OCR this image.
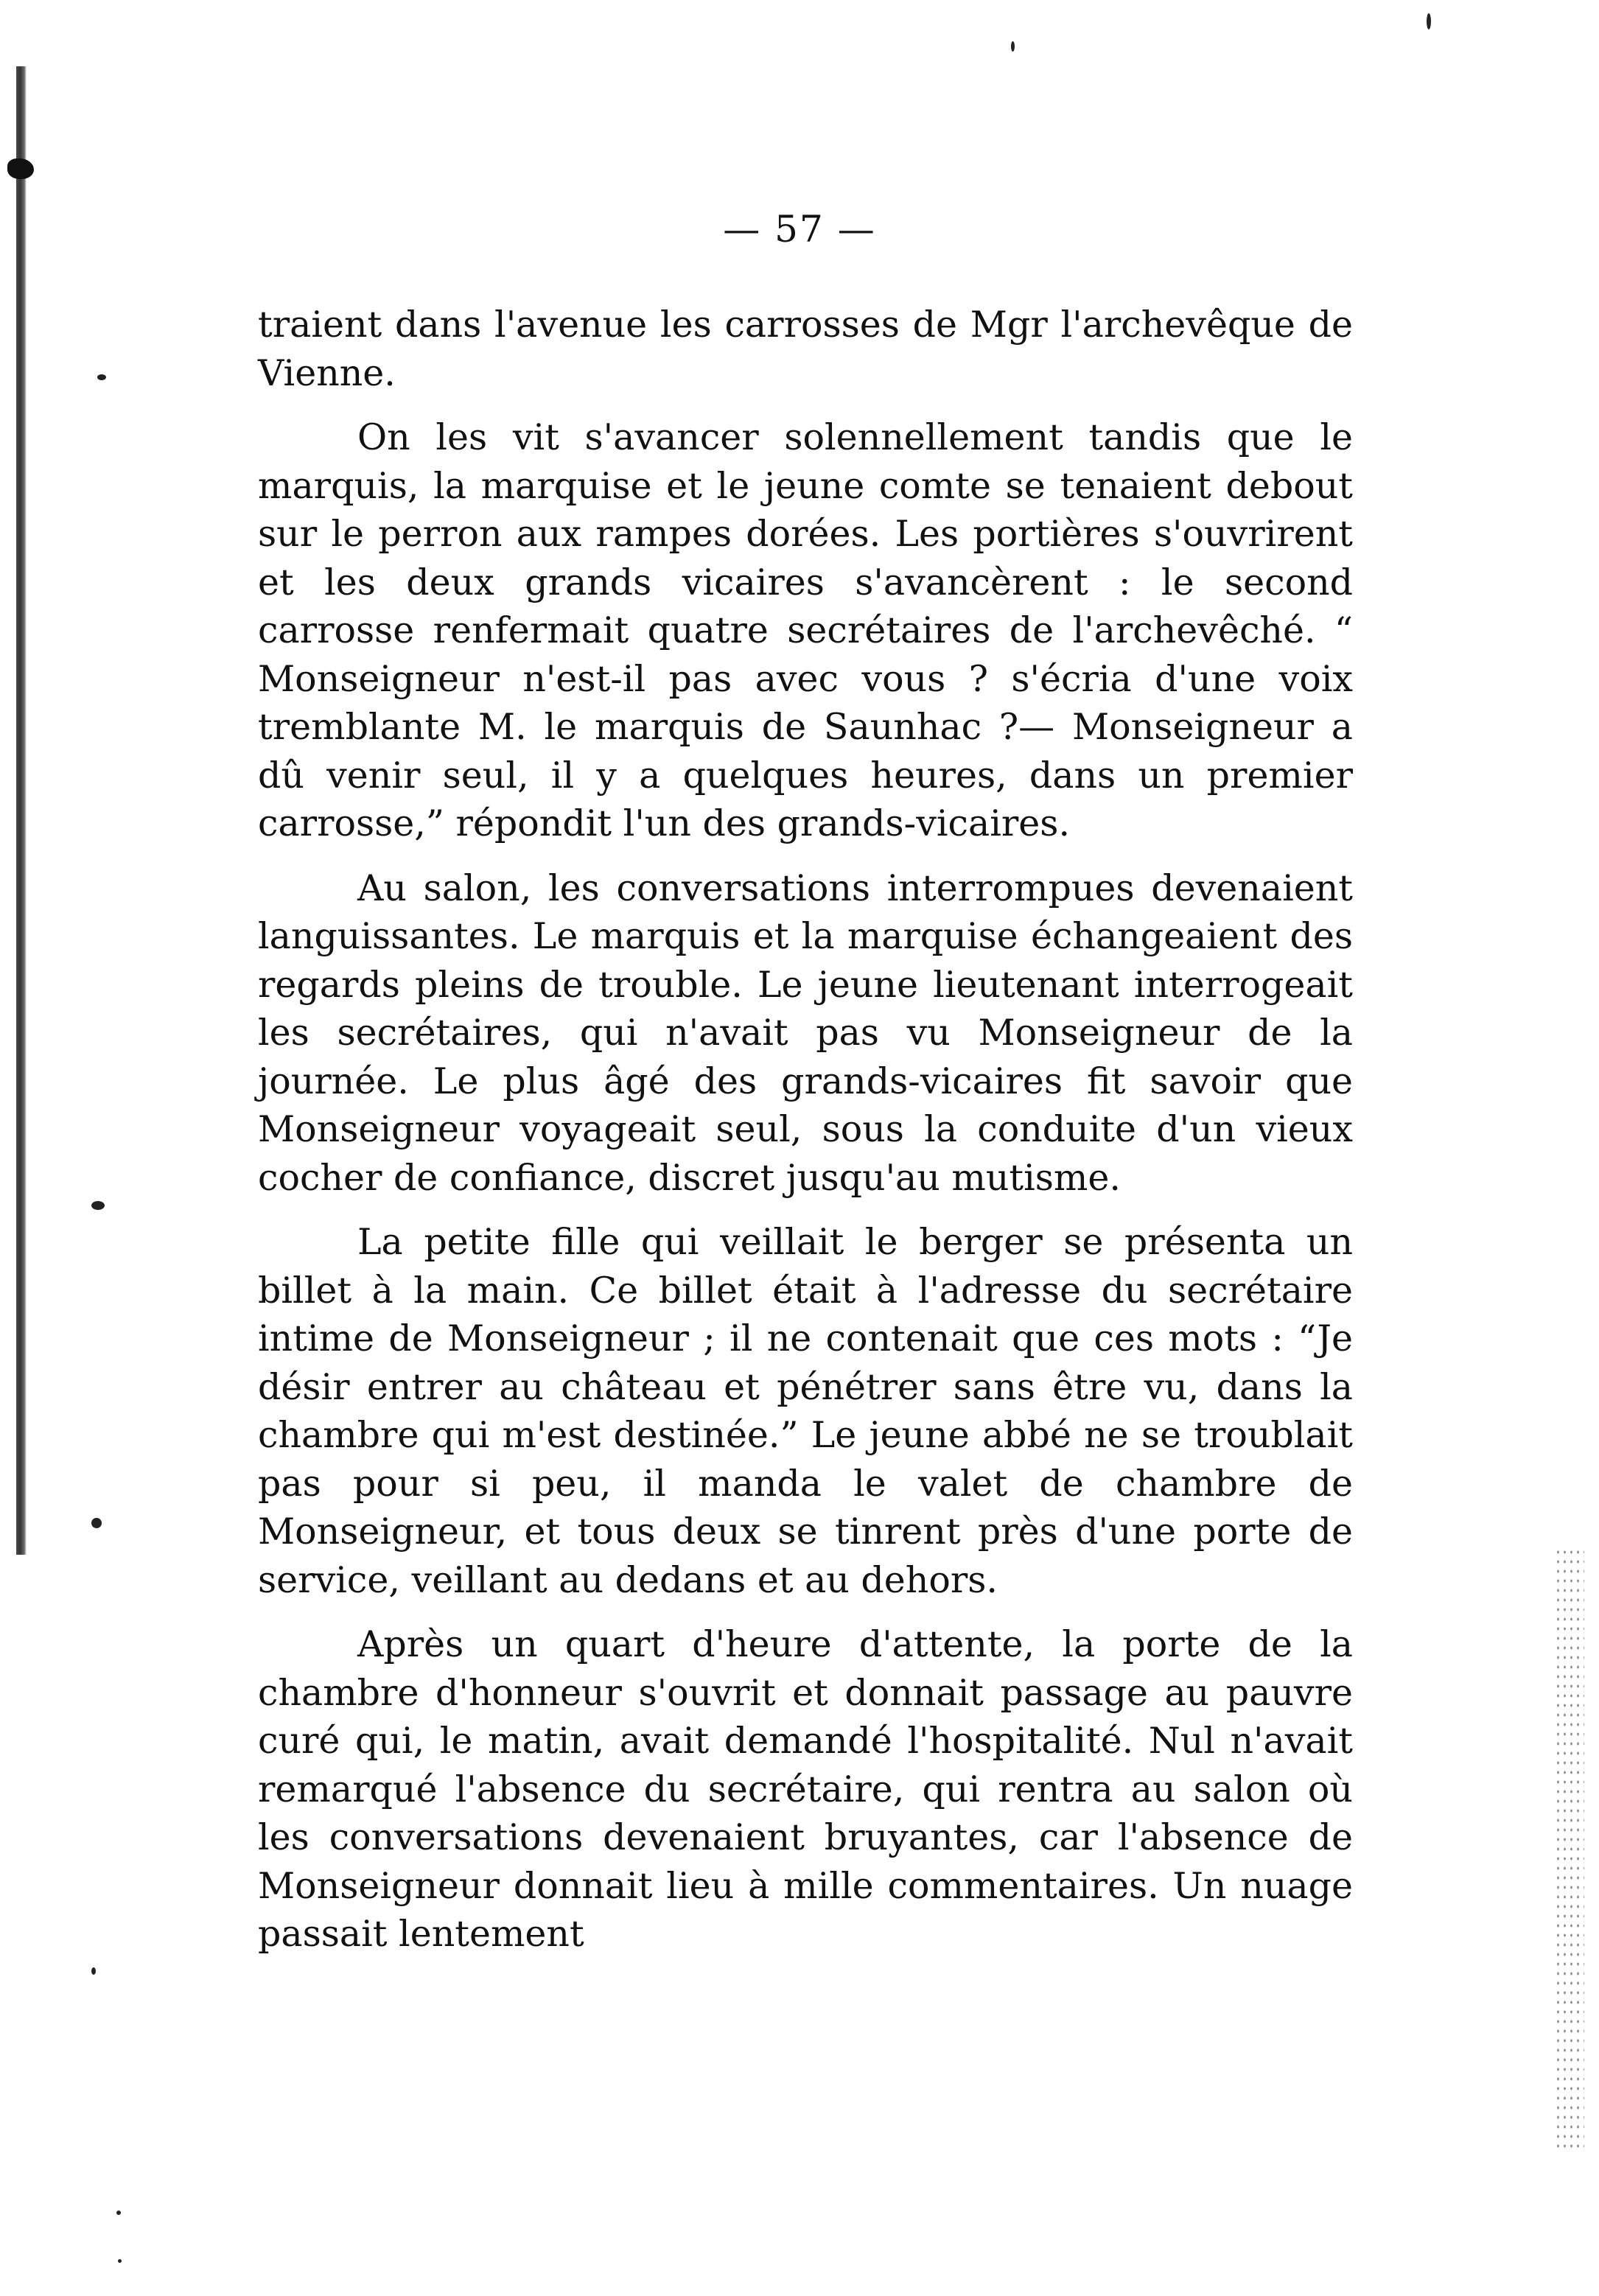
— 57 —

traient dans l'avenue les carrosses de Mgr l'archevêque de Vienne.

On les vit s'avancer solennellement tandis que le marquis, la marquise et le jeune comte se tenaient debout sur le perron aux rampes dorées. Les portières s'ouvrirent et les deux grands vicaires s'avancèrent : le second carrosse renfermait quatre secrétaires de l'archevêché. “ Monseigneur n'est-il pas avec vous ? s'écria d'une voix tremblante M. le marquis de Saunhac ?— Monseigneur a dû venir seul, il y a quelques heures, dans un premier carrosse,” répondit l'un des grands-vicaires.

Au salon, les conversations interrompues devenaient languissantes. Le marquis et la marquise échangeaient des regards pleins de trouble. Le jeune lieutenant interrogeait les secrétaires, qui n'avait pas vu Monseigneur de la journée. Le plus âgé des grands-vicaires fit savoir que Monseigneur voyageait seul, sous la conduite d'un vieux cocher de confiance, discret jusqu'au mutisme.

La petite fille qui veillait le berger se présenta un billet à la main. Ce billet était à l'adresse du secrétaire intime de Monseigneur ; il ne contenait que ces mots : “Je désir entrer au château et pénétrer sans être vu, dans la chambre qui m'est destinée.” Le jeune abbé ne se troublait pas pour si peu, il manda le valet de chambre de Monseigneur, et tous deux se tinrent près d'une porte de service, veillant au dedans et au dehors.

Après un quart d'heure d'attente, la porte de la chambre d'honneur s'ouvrit et donnait passage au pauvre curé qui, le matin, avait demandé l'hospitalité. Nul n'avait remarqué l'absence du secrétaire, qui rentra au salon où les conversations devenaient bruyantes, car l'absence de Monseigneur donnait lieu à mille commentaires. Un nuage passait lentement
